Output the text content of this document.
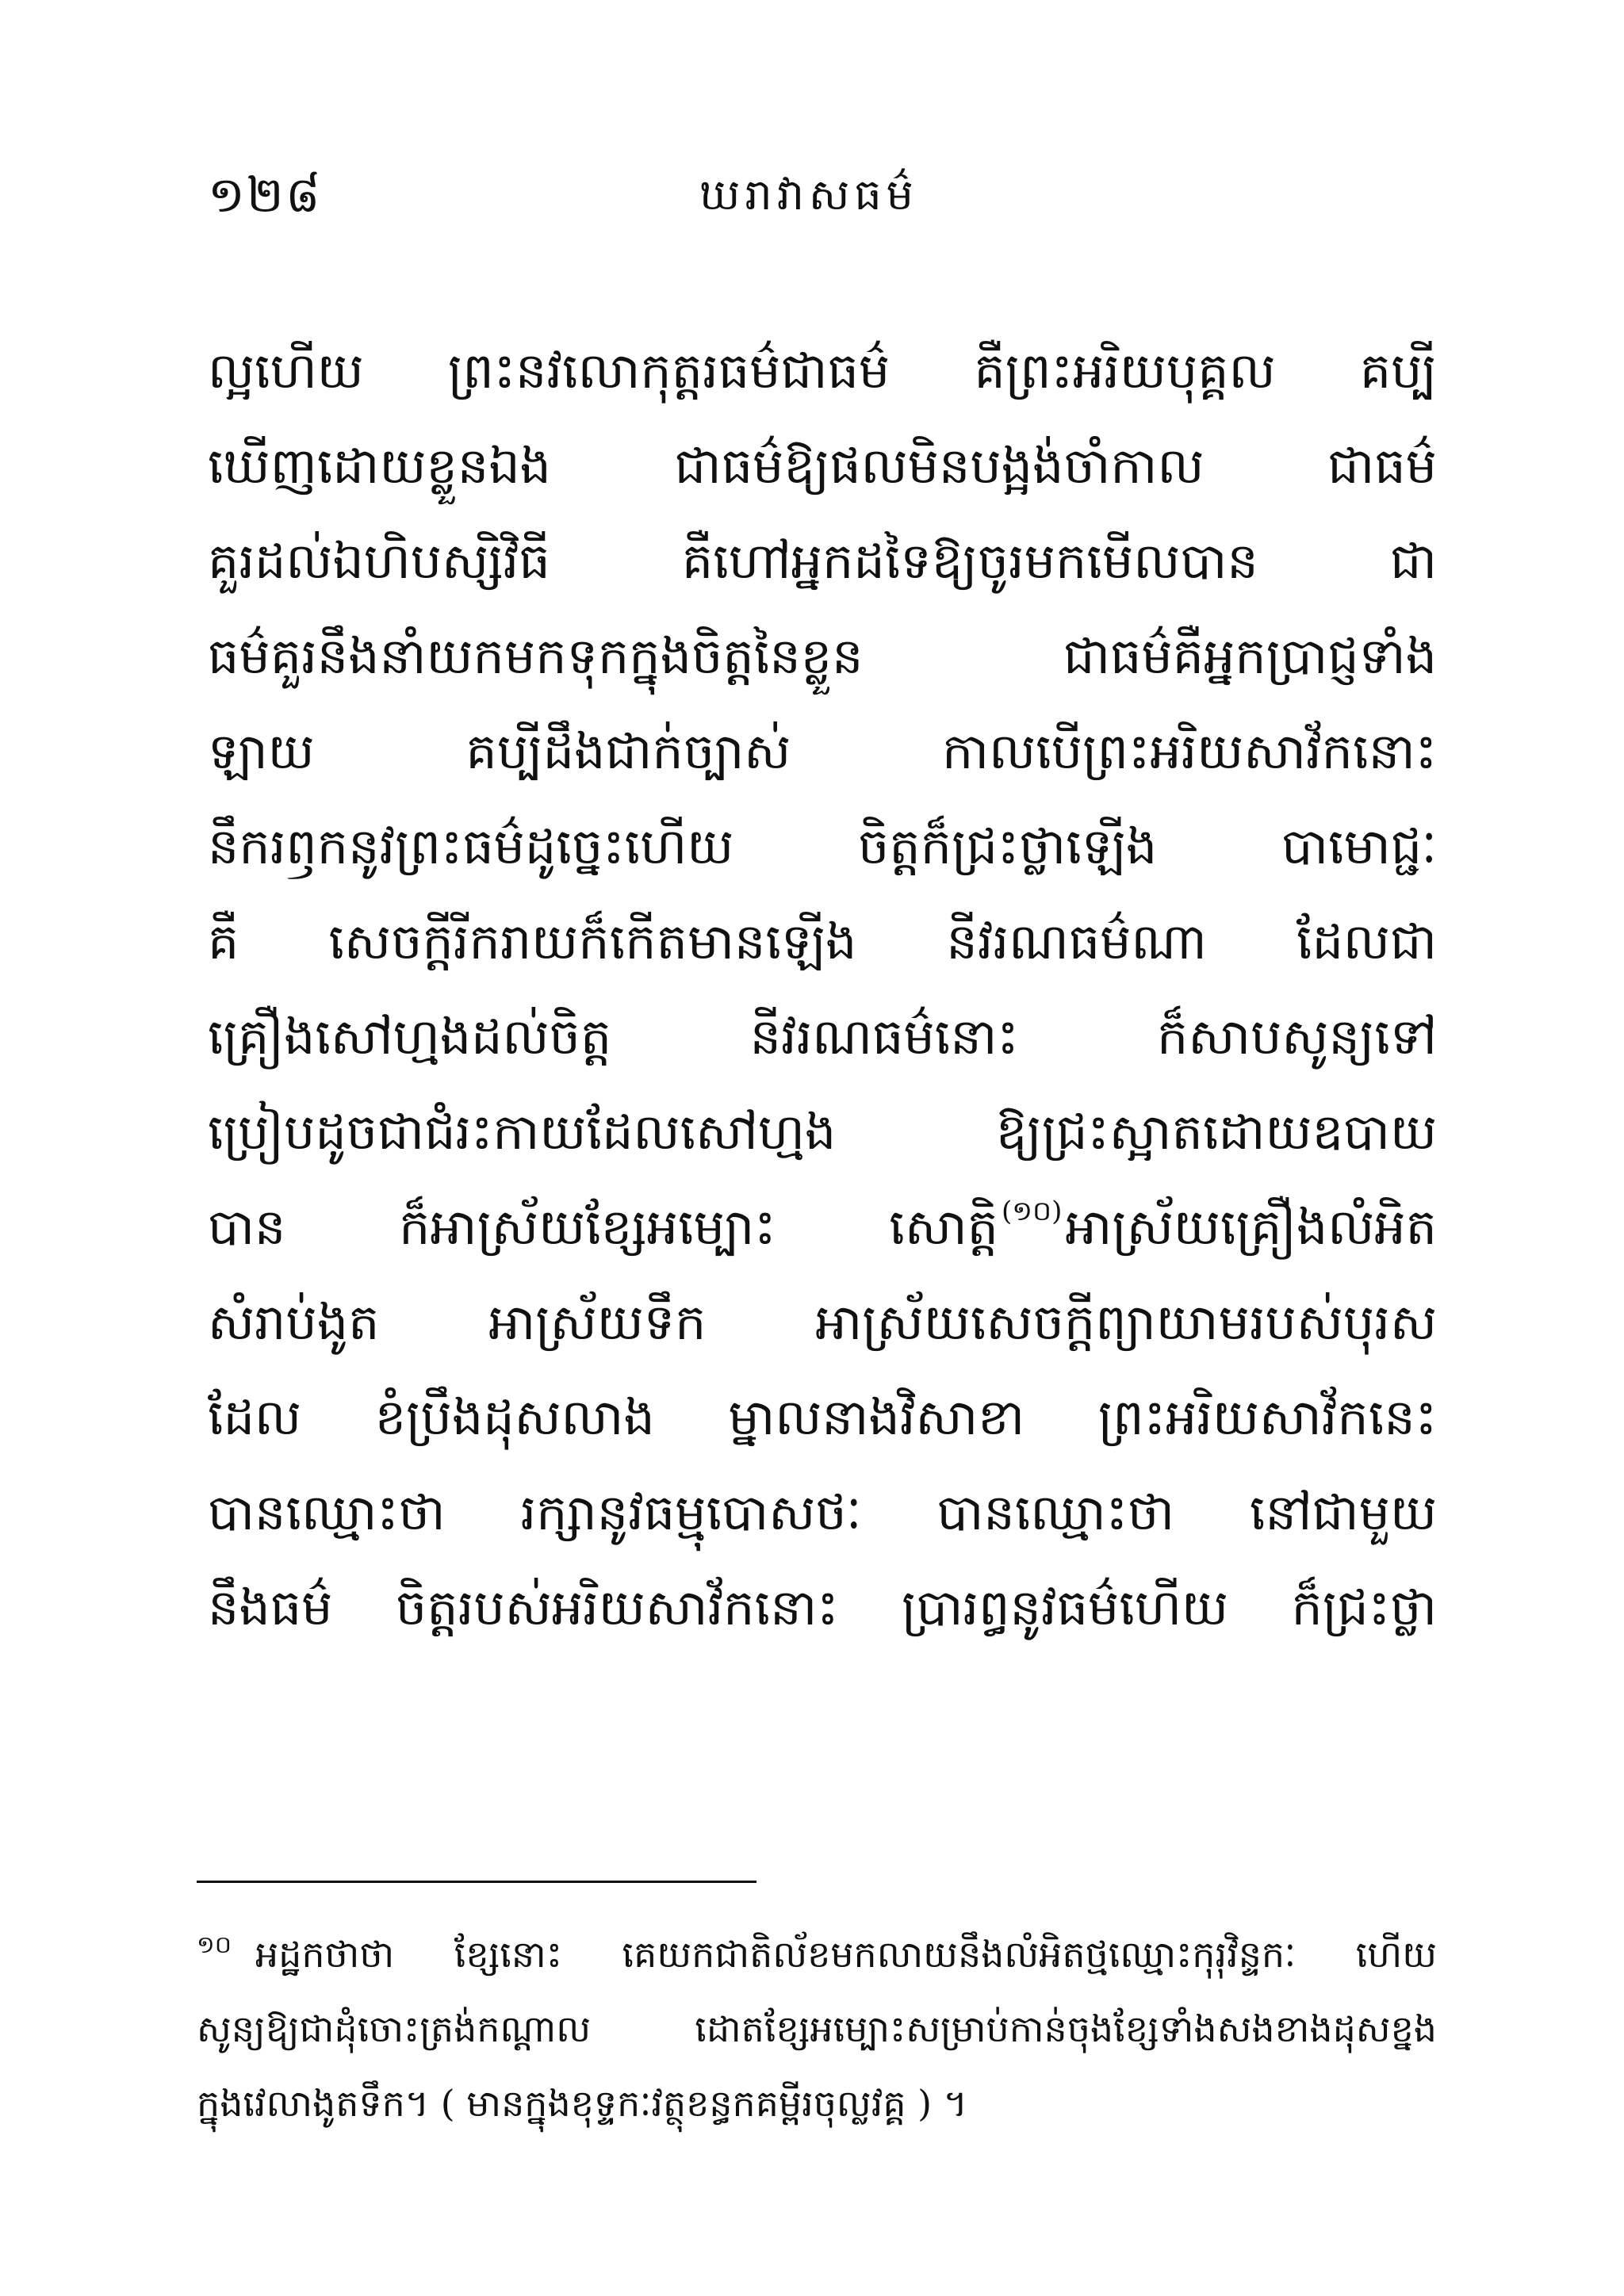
១២៨	ឃរាវាសធម៌
ល្អហើយ ព្រះនវលោកុត្តរធម៌ជាធម៌ គឺព្រះអរិយបុគ្គល គប្បី
ឃើញដោយខ្លួនឯង ជាធម៌ឱ្យផលមិនបង្អង់ចាំកាល ជាធម៌
គួរដល់ឯហិបស្សិវិធី គឺហៅអ្នកដទៃឱ្យចូរមកមើលបាន ជា
ធម៌គួរនឹងនាំយកមកទុកក្នុងចិត្តនៃខ្លួន ជាធម៌គឺអ្នកប្រាជ្ញទាំង
ឡាយ គប្បីដឹងជាក់ច្បាស់ កាលបើព្រះអរិយសាវ័កនោះ
នឹករឭកនូវព្រះធម៌ដូច្នេះហើយ ចិត្តក៏ជ្រះថ្លាឡើង បាមោជ្ជៈ
គឺ សេចក្តីរីករាយក៏កើតមានឡើង នីវរណធម៌ណា ដែលជា
គ្រឿងសៅហ្មងដល់ចិត្ត នីវរណធម៌នោះ ក៏សាបសូន្យទៅ
ប្រៀបដូចជាជំរះកាយដែលសៅហ្មង ឱ្យជ្រះស្អាតដោយឧបាយ
បាន ក៏អាស្រ័យខ្សែអម្បោះ សោត្តិ $^{(១០)}$អាស្រ័យគ្រឿងលំអិត
សំរាប់ងូត អាស្រ័យទឹក អាស្រ័យសេចក្តីព្យាយាមរបស់បុរស
ដែល ខំប្រឹងដុសលាង ម្នាលនាងវិសាខា ព្រះអរិយសាវ័កនេះ
បានឈ្មោះថា រក្សានូវធម្មុបោសថៈ បានឈ្មោះថា នៅជាមួយ
នឹងធម៌ ចិត្តរបស់អរិយសាវ័កនោះ ប្រារព្ធនូវធម៌ហើយ ក៏ជ្រះថ្លា
$^{១០}$ អដ្ឋកថាថា ខ្សែនោះ គេយកជាតិល័ខមកលាយនឹងលំអិតថ្មឈ្មោះកុរុវិន្ទកៈ ហើយ
សូន្យឱ្យជាដុំចោះត្រង់កណ្តាល ដោតខ្សែអម្បោះសម្រាប់កាន់ចុងខ្សែទាំងសងខាងដុសខ្នង
ក្នុងវេលាងូតទឹក។ ( មានក្នុងខុទ្ទកៈវត្ថុខន្ធកគម្ពីរចុល្លវគ្គ ) ។
